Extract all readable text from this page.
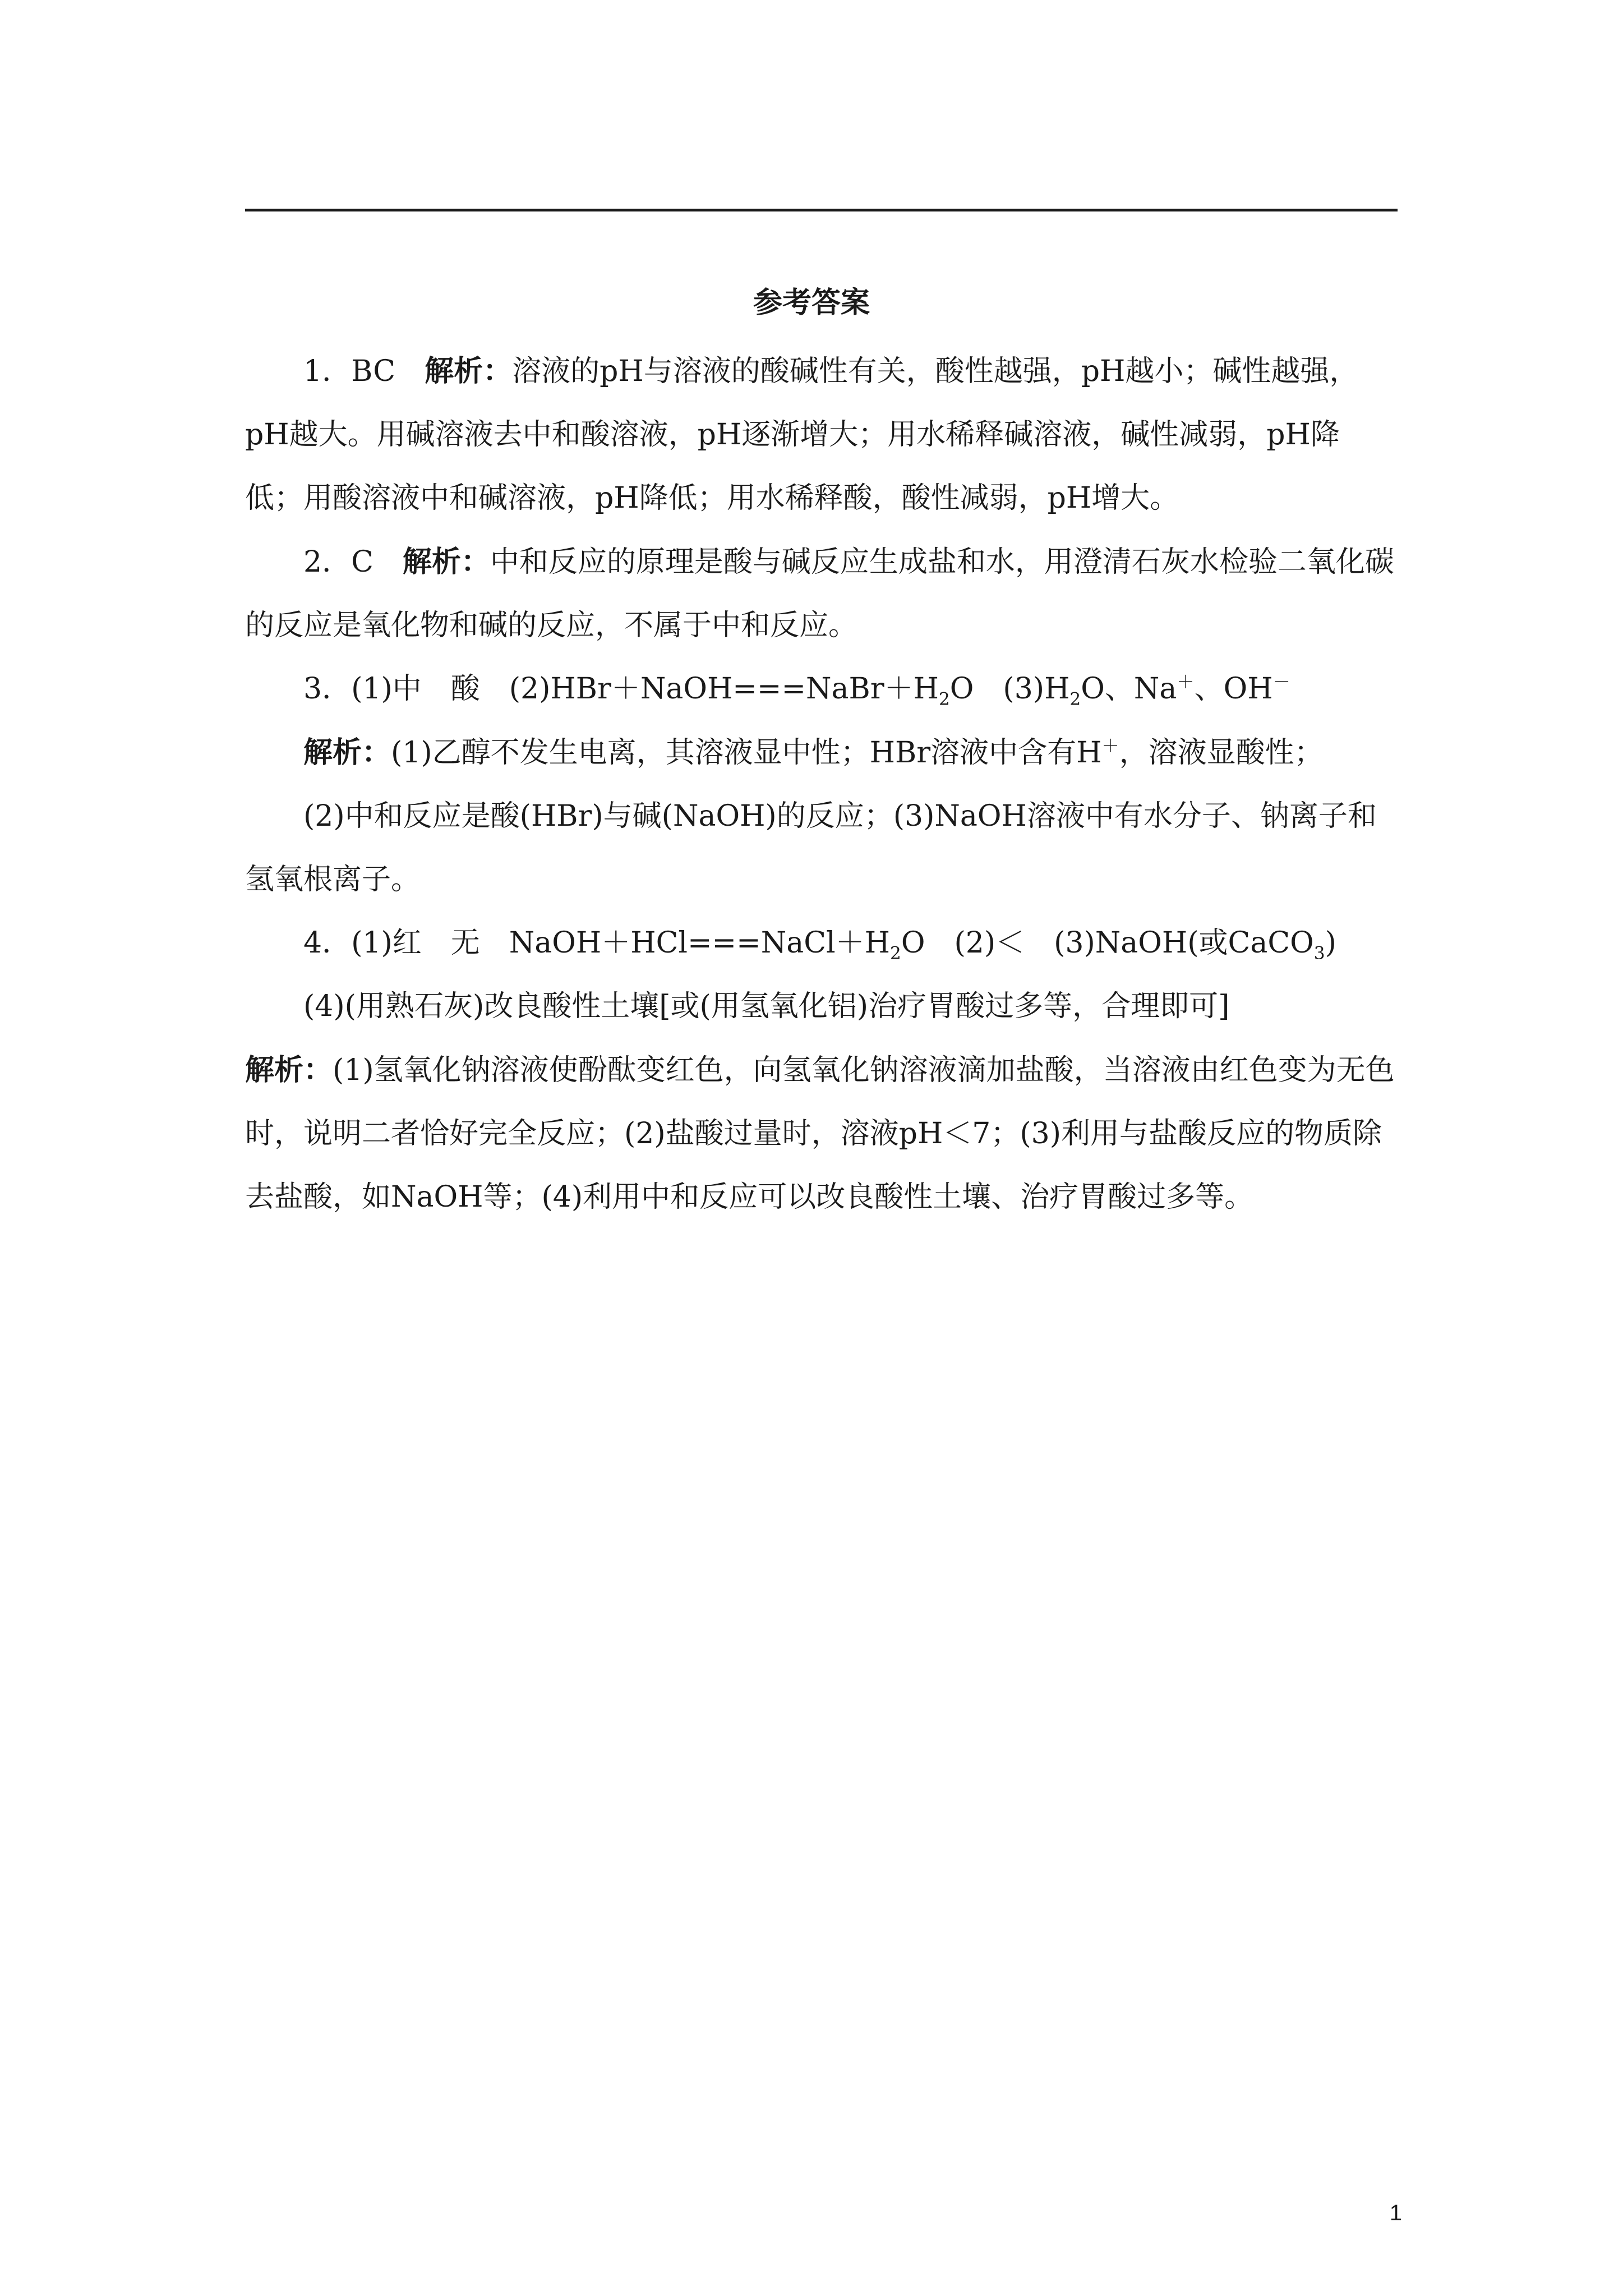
参考答案

1．BC　 解析：溶液的pH与溶液的酸碱性有关，酸性越强，pH越小；碱性越强，pH越大。用碱溶液去中和酸溶液，pH逐渐增大；用水稀释碱溶液，碱性减弱，pH降低；用酸溶液中和碱溶液，pH降低；用水稀释酸，酸性减弱，pH增大。

2．C　 解析：中和反应的原理是酸与碱反应生成盐和水，用澄清石灰水检验二氧化碳的反应是氧化物和碱的反应，不属于中和反应。

3．(1)中　酸　$(2)HBr+NaOH===NaBr+H_2O$　$(3)H_2O$、Na＋、OH－

解析：(1)乙醇不发生电离，其溶液显中性；HBr溶液中含有H＋，溶液显酸性；

(2)中和反应是酸(HBr)与碱(NaOH)的反应；(3)NaOH溶液中有水分子、钠离子和氢氧根离子。

4．(1)红　无　$NaOH+HCl===NaCl+H_2O$　(2)＜　(3)NaOH(或CaCO$_3$)

(4)(用熟石灰)改良酸性土壤[或(用氢氧化铝)治疗胃酸过多等，合理即可]

解析：(1)氢氧化钠溶液使酚酞变红色，向氢氧化钠溶液滴加盐酸，当溶液由红色变为无色时，说明二者恰好完全反应；(2)盐酸过量时，溶液pH＜7；(3)利用与盐酸反应的物质除去盐酸，如NaOH等；(4)利用中和反应可以改良酸性土壤、治疗胃酸过多等。

1
